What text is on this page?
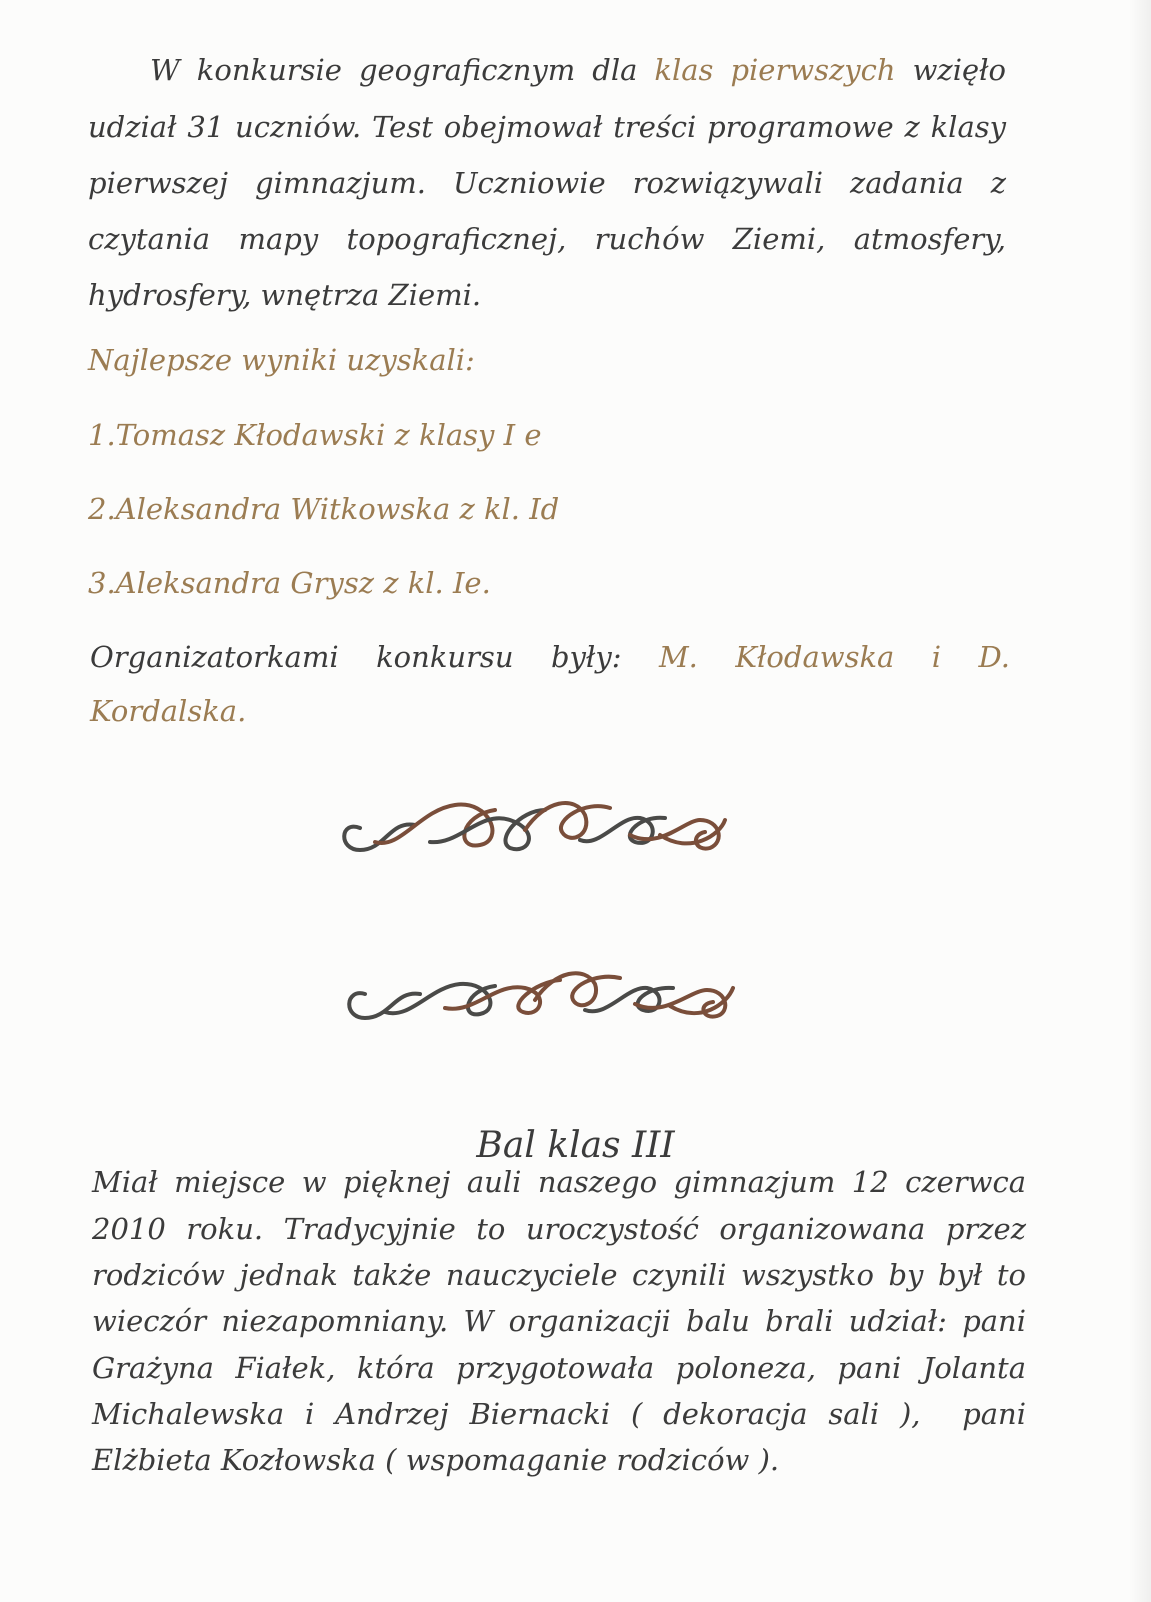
W konkursie geograficznym dla klas pierwszych wzięło
udział 31 uczniów. Test obejmował treści programowe z klasy
pierwszej gimnazjum. Uczniowie rozwiązywali zadania z
czytania mapy topograficznej, ruchów Ziemi, atmosfery,
hydrosfery, wnętrza Ziemi.
Najlepsze wyniki uzyskali:
1.Tomasz Kłodawski z klasy I e
2.Aleksandra Witkowska z kl. Id
3.Aleksandra Grysz z kl. Ie.
Organizatorkami konkursu były: M. Kłodawska i D.
Kordalska.
Bal klas III
Miał miejsce w pięknej auli naszego gimnazjum 12 czerwca
2010 roku. Tradycyjnie to uroczystość organizowana przez
rodziców jednak także nauczyciele czynili wszystko by był to
wieczór niezapomniany. W organizacji balu brali udział: pani
Grażyna Fiałek, która przygotowała poloneza, pani Jolanta
Michalewska i Andrzej Biernacki ( dekoracja sali ),  pani
Elżbieta Kozłowska ( wspomaganie rodziców ).
